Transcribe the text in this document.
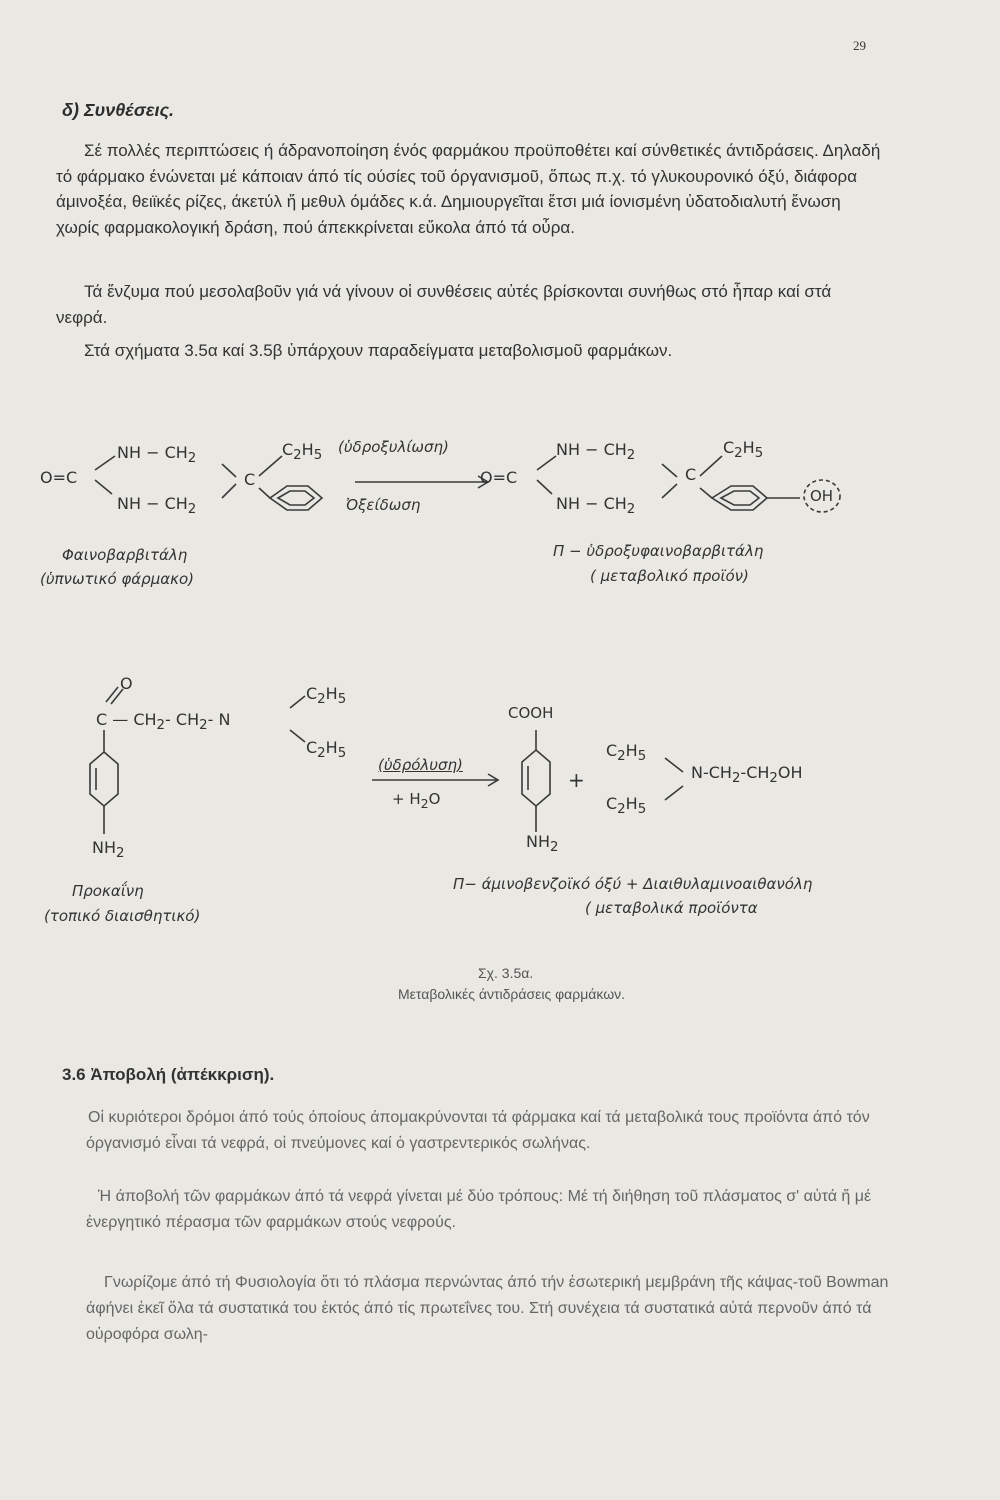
29
δ) Συνθέσεις.

Σέ πολλές περιπτώσεις ή άδρανοποίηση ένός φαρμάκου προϋποθέτει καί σύνθετικές άντιδράσεις. Δηλαδή τό φάρμακο ένώνεται μέ κάποιαν άπό τίς ούσίες τοῦ όργανισμοῦ, ὅπως π.χ. τό γλυκουρονικό όξύ, διάφορα άμινοξέα, θειϊκές ρίζες, άκετύλ ἤ μεθυλ όμάδες κ.ά. Δημιουργεῖται ἔτσι μιά ίονισμένη ὑδατοδιαλυτή ἔνωση χωρίς φαρμακολογική δράση, πού άπεκκρίνεται εὔκολα άπό τά οὖρα.

Τά ἔνζυμα πού μεσολαβοῦν γιά νά γίνουν οἱ συνθέσεις αὐτές βρίσκονται συνήθως στό ἧπαρ καί στά νεφρά.

Στά σχήματα 3.5α καί 3.5β ὑπάρχουν παραδείγματα μεταβολισμοῦ φαρμάκων.

O=C
NH − $CH_2$
NH − $CH_2$
C
$C_2H_5$ (ὑδροξυλίωση)
Ὀξείδωση
O=C
NH − $CH_2$
NH − $CH_2$
C
$C_2H_5$
OH
Φαινοβαρβιτάλη
(ὑπνωτικό φάρμακο)
Π − ὑδροξυφαινοβαρβιτάλη
( μεταβολικό προϊόν)
O
C — $CH_2-$ $CH_2-$ N
$C_2H_5$
$C_2H_5$
$NH_2$
(ὑδρόλυση)
+ $H_2O$
COOH
+
$NH_2$
$C_2H_5$
$C_2H_5$
$N-CH_2-CH_2OH$
Προκαΐνη
(τοπικό διαισθητικό)
Π− άμινοβενζοϊκό όξύ + Διαιθυλαμινοαιθανόλη
( μεταβολικά προϊόντα
Σχ. 3.5α.
Μεταβολικές άντιδράσεις φαρμάκων.
3.6 Ἀποβολή (ἀπέκκριση).

Οἱ κυριότεροι δρόμοι άπό τούς όποίους άπομακρύνονται τά φάρμακα καί τά μεταβολικά τους προϊόντα άπό τόν όργανισμό εἶναι τά νεφρά, οἱ πνεύμονες καί ὁ γαστρεντερικός σωλήνας.

Ἡ άποβολή τῶν φαρμάκων άπό τά νεφρά γίνεται μέ δύο τρόπους: Μέ τή διήθηση τοῦ πλάσματος σ' αὐτά ἤ μέ ἐνεργητικό πέρασμα τῶν φαρμάκων στούς νεφρούς.

Γνωρίζομε άπό τή Φυσιολογία ὅτι τό πλάσμα περνώντας άπό τήν ἐσωτερική μεμβράνη τῆς κάψας-τοῦ Bowman άφήνει ἐκεῖ ὅλα τά συστατικά του ἐκτός άπό τίς πρωτεΐνες του. Στή συνέχεια τά συστατικά αὐτά περνοῦν άπό τά οὐροφόρα σωλη-
